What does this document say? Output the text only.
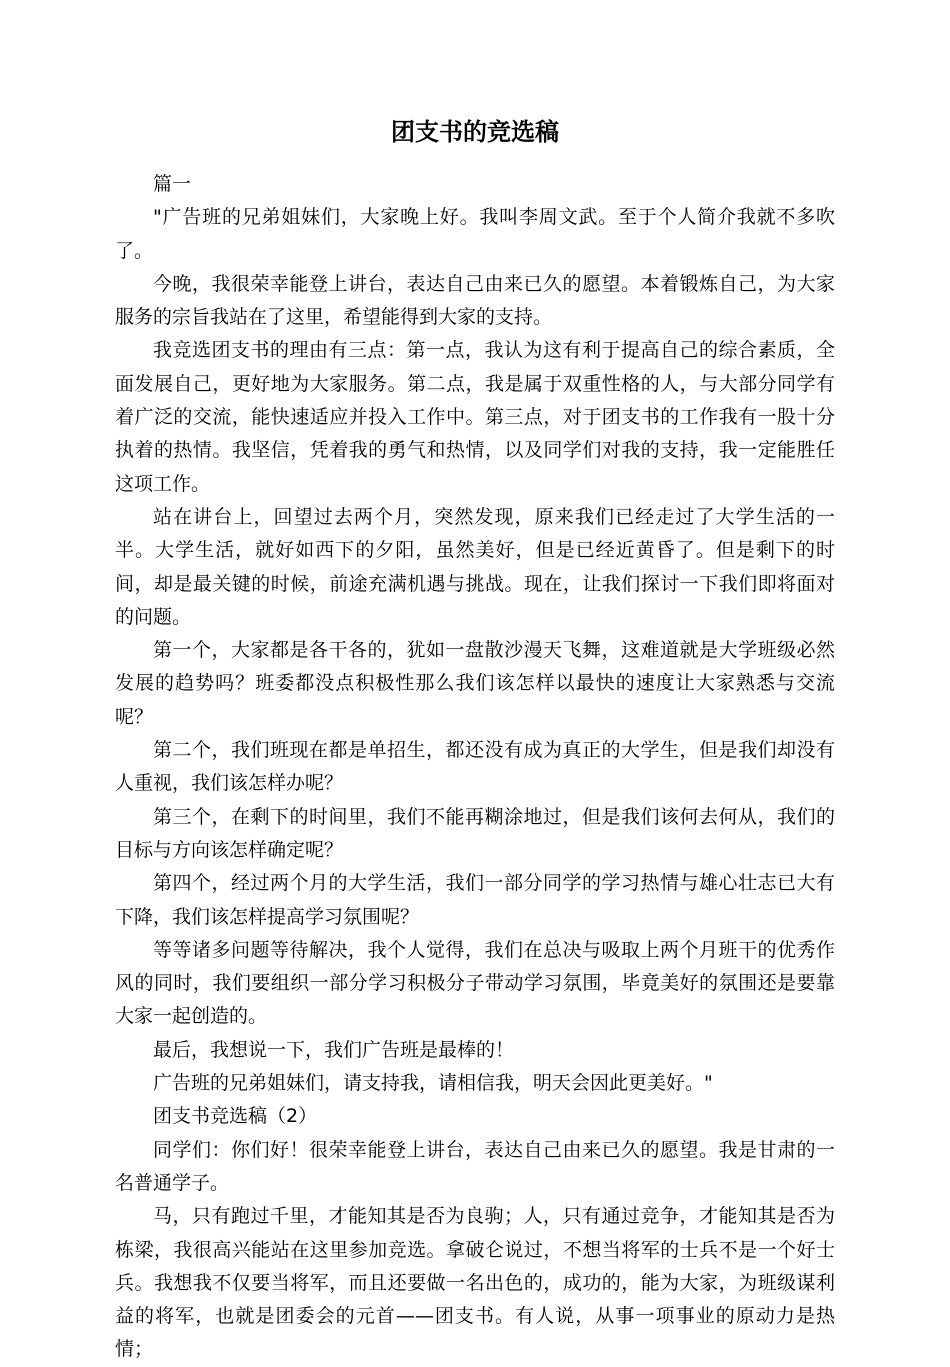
团支书的竞选稿

篇一

"广告班的兄弟姐妹们，大家晚上好。我叫李周文武。至于个人简介我就不多吹了。

今晚，我很荣幸能登上讲台，表达自己由来已久的愿望。本着锻炼自己，为大家服务的宗旨我站在了这里，希望能得到大家的支持。

我竞选团支书的理由有三点：第一点，我认为这有利于提高自己的综合素质，全面发展自己，更好地为大家服务。第二点，我是属于双重性格的人，与大部分同学有着广泛的交流，能快速适应并投入工作中。第三点，对于团支书的工作我有一股十分执着的热情。我坚信，凭着我的勇气和热情，以及同学们对我的支持，我一定能胜任这项工作。

站在讲台上，回望过去两个月，突然发现，原来我们已经走过了大学生活的一半。大学生活，就好如西下的夕阳，虽然美好，但是已经近黄昏了。但是剩下的时间，却是最关键的时候，前途充满机遇与挑战。现在，让我们探讨一下我们即将面对的问题。

第一个，大家都是各干各的，犹如一盘散沙漫天飞舞，这难道就是大学班级必然发展的趋势吗？班委都没点积极性那么我们该怎样以最快的速度让大家熟悉与交流呢？

第二个，我们班现在都是单招生，都还没有成为真正的大学生，但是我们却没有人重视，我们该怎样办呢？

第三个，在剩下的时间里，我们不能再糊涂地过，但是我们该何去何从，我们的目标与方向该怎样确定呢？

第四个，经过两个月的大学生活，我们一部分同学的学习热情与雄心壮志已大有下降，我们该怎样提高学习氛围呢？

等等诸多问题等待解决，我个人觉得，我们在总决与吸取上两个月班干的优秀作风的同时，我们要组织一部分学习积极分子带动学习氛围，毕竟美好的氛围还是要靠大家一起创造的。

最后，我想说一下，我们广告班是最棒的！

广告班的兄弟姐妹们，请支持我，请相信我，明天会因此更美好。"

团支书竞选稿（2）

同学们：你们好！很荣幸能登上讲台，表达自己由来已久的愿望。我是甘肃的一名普通学子。

马，只有跑过千里，才能知其是否为良驹；人，只有通过竞争，才能知其是否为栋梁，我很高兴能站在这里参加竞选。拿破仑说过，不想当将军的士兵不是一个好士兵。我想我不仅要当将军，而且还要做一名出色的，成功的，能为大家，为班级谋利益的将军，也就是团委会的元首——团支书。有人说，从事一项事业的原动力是热情；
